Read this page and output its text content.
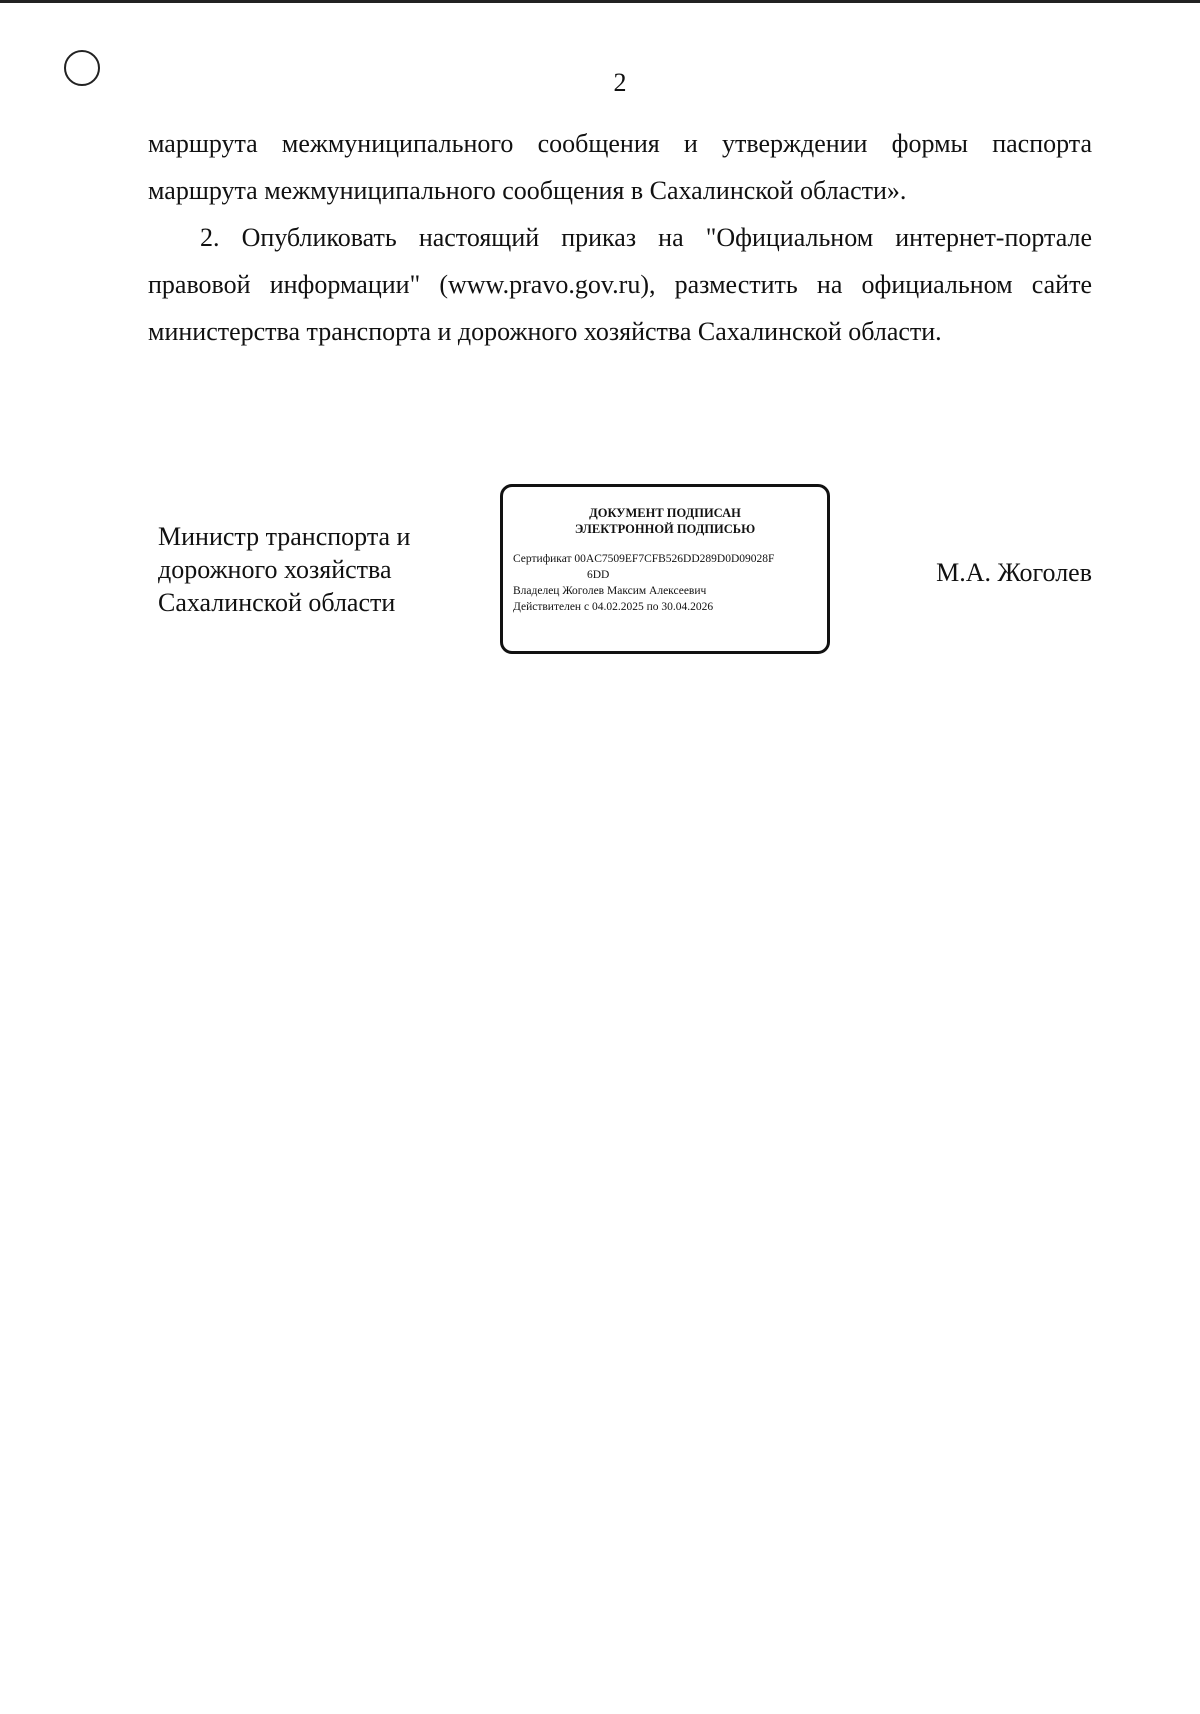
2

маршрута межмуниципального сообщения и утверждении формы паспорта

маршрута межмуниципального сообщения в Сахалинской области».

2. Опубликовать настоящий приказ на "Официальном интернет-портале

правовой информации" (www.pravo.gov.ru), разместить на официальном сайте

министерства транспорта и дорожного хозяйства Сахалинской области.

Министр транспорта и
дорожного хозяйства
Сахалинской области
ДОКУМЕНТ ПОДПИСАН
ЭЛЕКТРОННОЙ ПОДПИСЬЮ
Сертификат 00AC7509EF7CFB526DD289D0D09028F
6DD
Владелец Жоголев Максим Алексеевич
Действителен с 04.02.2025 по 30.04.2026
М.А. Жоголев
